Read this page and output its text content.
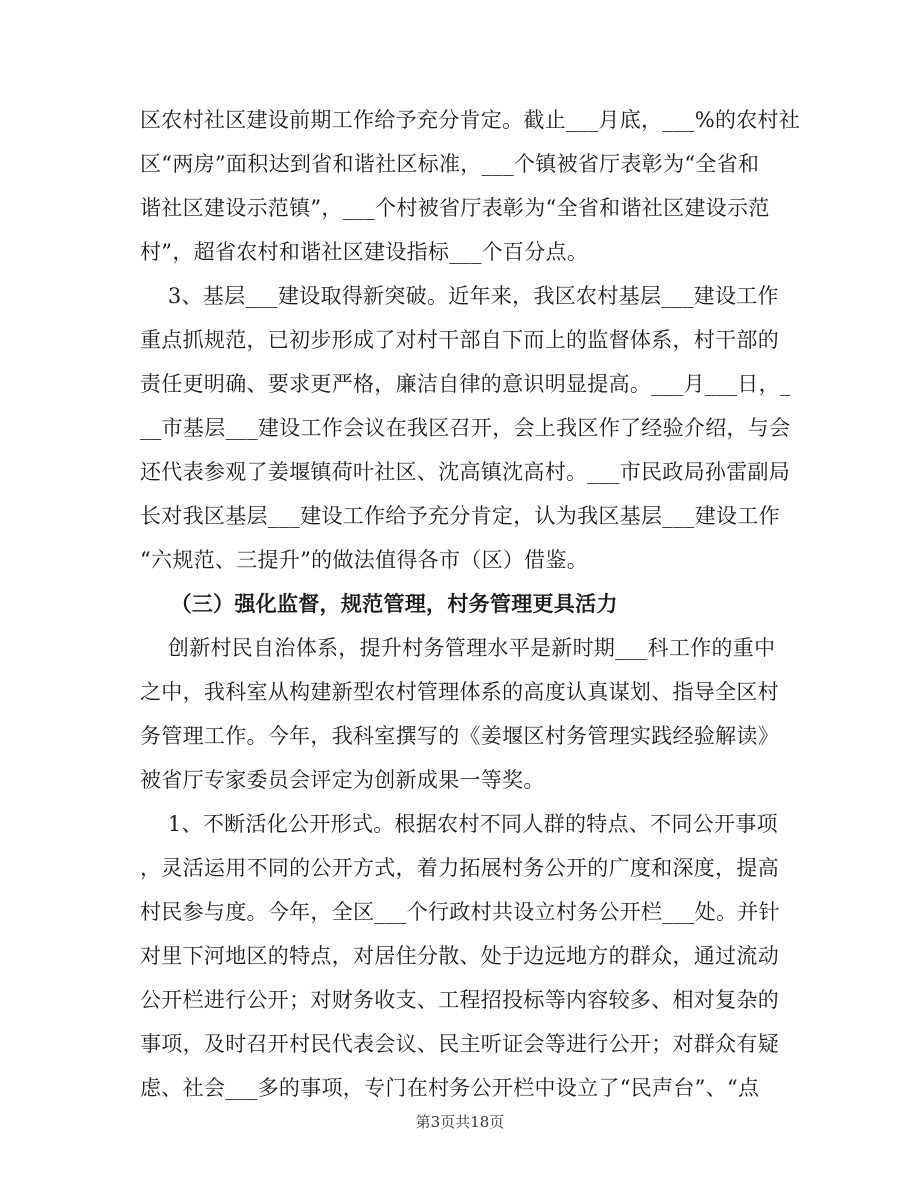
区农村社区建设前期工作给予充分肯定。截止___月底，___%的农村社
区“两房”面积达到省和谐社区标准，___个镇被省厅表彰为“全省和
谐社区建设示范镇”，___个村被省厅表彰为“全省和谐社区建设示范
村”，超省农村和谐社区建设指标___个百分点。
3、基层___建设取得新突破。近年来，我区农村基层___建设工作
重点抓规范，已初步形成了对村干部自下而上的监督体系，村干部的
责任更明确、要求更严格，廉洁自律的意识明显提高。___月___日，_
__市基层___建设工作会议在我区召开，会上我区作了经验介绍，与会
还代表参观了姜堰镇荷叶社区、沈高镇沈高村。___市民政局孙雷副局
长对我区基层___建设工作给予充分肯定，认为我区基层___建设工作
“六规范、三提升”的做法值得各市（区）借鉴。
（三）强化监督，规范管理，村务管理更具活力
创新村民自治体系，提升村务管理水平是新时期___科工作的重中
之中，我科室从构建新型农村管理体系的高度认真谋划、指导全区村
务管理工作。今年，我科室撰写的《姜堰区村务管理实践经验解读》
被省厅专家委员会评定为创新成果一等奖。
1、不断活化公开形式。根据农村不同人群的特点、不同公开事项
，灵活运用不同的公开方式，着力拓展村务公开的广度和深度，提高
村民参与度。今年，全区___个行政村共设立村务公开栏___处。并针
对里下河地区的特点，对居住分散、处于边远地方的群众，通过流动
公开栏进行公开；对财务收支、工程招投标等内容较多、相对复杂的
事项，及时召开村民代表会议、民主听证会等进行公开；对群众有疑
虑、社会___多的事项，专门在村务公开栏中设立了“民声台”、“点
第3页共18页
